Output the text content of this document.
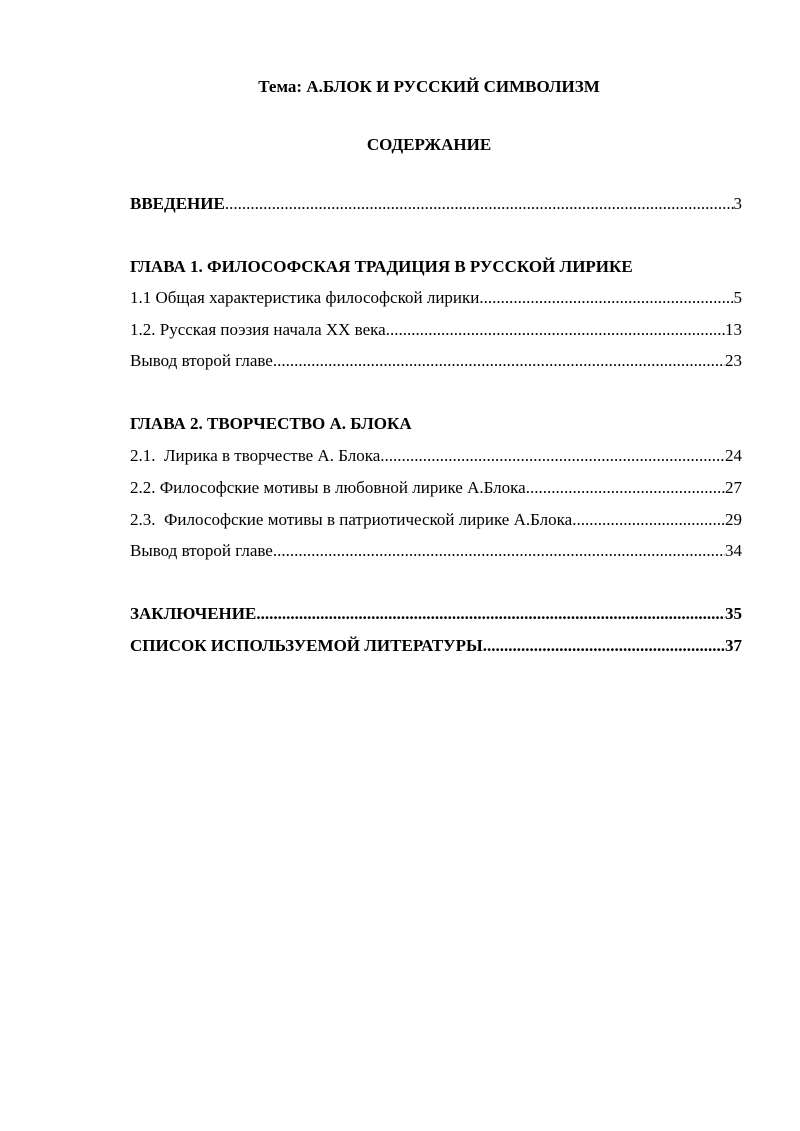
Тема: А.БЛОК И РУССКИЙ СИМВОЛИЗМ
СОДЕРЖАНИЕ
ВВЕДЕНИЕ .....	3
ГЛАВА 1. ФИЛОСОФСКАЯ ТРАДИЦИЯ В РУССКОЙ ЛИРИКЕ
1.1 Общая характеристика философской лирики .....	5
1.2. Русская поэзия начала ХХ века .....	13
Вывод второй главе .....	23
ГЛАВА 2. ТВОРЧЕСТВО А. БЛОКА
2.1.  Лирика в творчестве А. Блока .....	24
2.2. Философские мотивы в любовной лирике А.Блока .....	27
2.3.  Философские мотивы в патриотической лирике А.Блока .....	29
Вывод второй главе .....	34
ЗАКЛЮЧЕНИЕ .....	35
СПИСОК ИСПОЛЬЗУЕМОЙ ЛИТЕРАТУРЫ .....	37
